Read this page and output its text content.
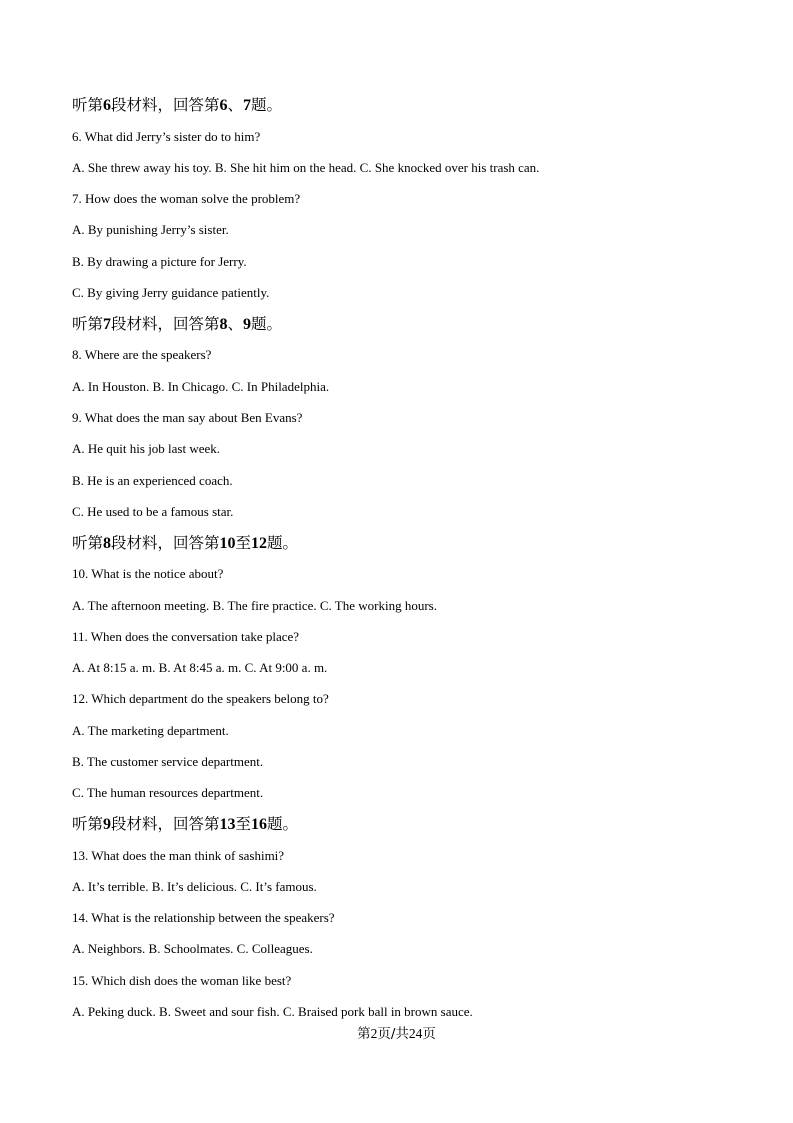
听第6段材料，回答第6、7题。
6. What did Jerry’s sister do to him?
A. She threw away his toy. B. She hit him on the head. C. She knocked over his trash can.
7. How does the woman solve the problem?
A. By punishing Jerry’s sister.
B. By drawing a picture for Jerry.
C. By giving Jerry guidance patiently.
听第7段材料，回答第8、9题。
8. Where are the speakers?
A. In Houston. B. In Chicago. C. In Philadelphia.
9. What does the man say about Ben Evans?
A. He quit his job last week.
B. He is an experienced coach.
C. He used to be a famous star.
听第8段材料，回答第10至12题。
10. What is the notice about?
A. The afternoon meeting. B. The fire practice. C. The working hours.
11. When does the conversation take place?
A. At 8:15 a. m. B. At 8:45 a. m. C. At 9:00 a. m.
12. Which department do the speakers belong to?
A. The marketing department.
B. The customer service department.
C. The human resources department.
听第9段材料，回答第13至16题。
13. What does the man think of sashimi?
A. It’s terrible. B. It’s delicious. C. It’s famous.
14. What is the relationship between the speakers?
A. Neighbors. B. Schoolmates. C. Colleagues.
15. Which dish does the woman like best?
A. Peking duck. B. Sweet and sour fish. C. Braised pork ball in brown sauce.
第2页/共24页
